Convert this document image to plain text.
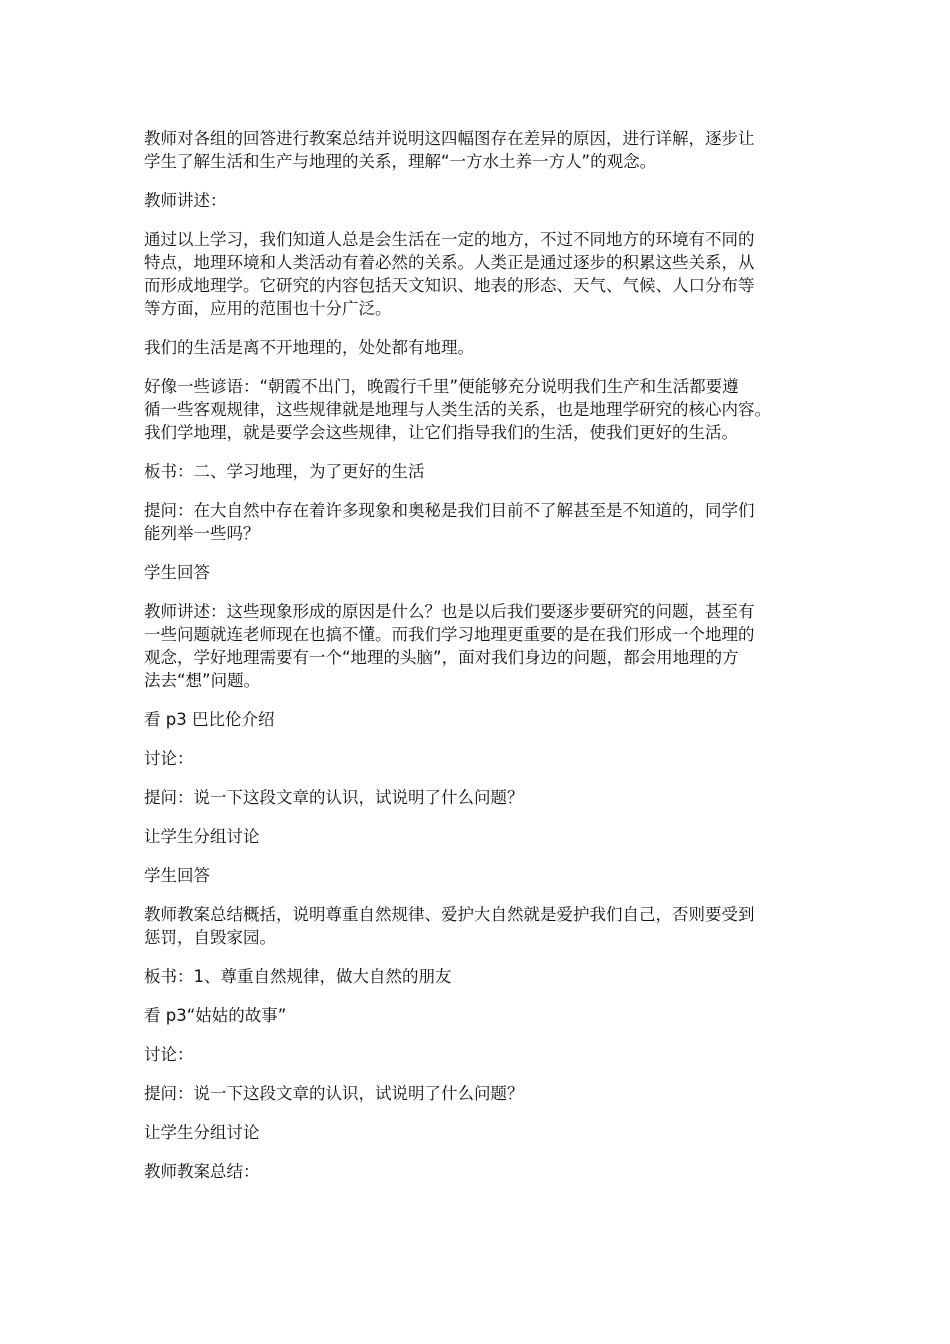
教师对各组的回答进行教案总结并说明这四幅图存在差异的原因，进行详解，逐步让
学生了解生活和生产与地理的关系，理解“一方水土养一方人”的观念。

教师讲述：

通过以上学习，我们知道人总是会生活在一定的地方，不过不同地方的环境有不同的
特点，地理环境和人类活动有着必然的关系。人类正是通过逐步的积累这些关系，从
而形成地理学。它研究的内容包括天文知识、地表的形态、天气、气候、人口分布等
等方面，应用的范围也十分广泛。

我们的生活是离不开地理的，处处都有地理。

好像一些谚语：“朝霞不出门，晚霞行千里”便能够充分说明我们生产和生活都要遵
循一些客观规律，这些规律就是地理与人类生活的关系，也是地理学研究的核心内容。
我们学地理，就是要学会这些规律，让它们指导我们的生活，使我们更好的生活。

板书：二、学习地理，为了更好的生活

提问：在大自然中存在着许多现象和奥秘是我们目前不了解甚至是不知道的，同学们
能列举一些吗？

学生回答

教师讲述：这些现象形成的原因是什么？也是以后我们要逐步要研究的问题，甚至有
一些问题就连老师现在也搞不懂。而我们学习地理更重要的是在我们形成一个地理的
观念，学好地理需要有一个“地理的头脑”，面对我们身边的问题，都会用地理的方
法去“想”问题。

看 p3 巴比伦介绍

讨论：

提问：说一下这段文章的认识，试说明了什么问题？

让学生分组讨论

学生回答

教师教案总结概括，说明尊重自然规律、爱护大自然就是爱护我们自己，否则要受到
惩罚，自毁家园。

板书：1、尊重自然规律，做大自然的朋友

看 p3“姑姑的故事”

讨论：

提问：说一下这段文章的认识，试说明了什么问题？

让学生分组讨论

教师教案总结：
